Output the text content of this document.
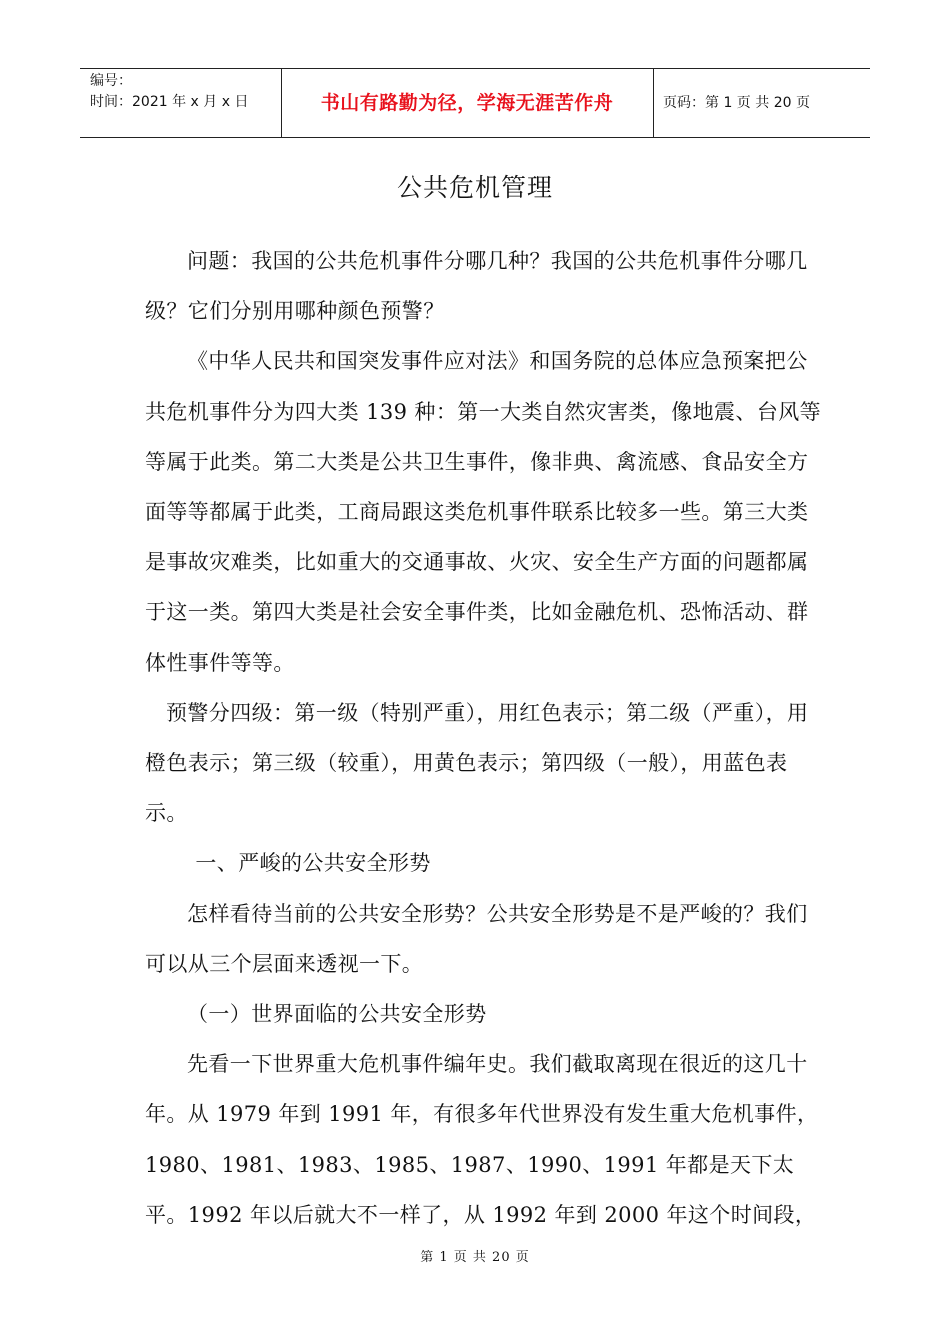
编号：
时间：2021 年 x 月 x 日	书山有路勤为径，学海无涯苦作舟	页码：第 1 页 共 20 页
公共危机管理

问题：我国的公共危机事件分哪几种？我国的公共危机事件分哪几级？它们分别用哪种颜色预警？

《中华人民共和国突发事件应对法》和国务院的总体应急预案把公共危机事件分为四大类 139 种：第一大类自然灾害类，像地震、台风等等属于此类。第二大类是公共卫生事件，像非典、禽流感、食品安全方面等等都属于此类，工商局跟这类危机事件联系比较多一些。第三大类是事故灾难类，比如重大的交通事故、火灾、安全生产方面的问题都属于这一类。第四大类是社会安全事件类，比如金融危机、恐怖活动、群体性事件等等。

预警分四级：第一级（特别严重），用红色表示；第二级（严重），用橙色表示；第三级（较重），用黄色表示；第四级（一般），用蓝色表示。

一、严峻的公共安全形势

怎样看待当前的公共安全形势？公共安全形势是不是严峻的？我们可以从三个层面来透视一下。

（一）世界面临的公共安全形势

先看一下世界重大危机事件编年史。我们截取离现在很近的这几十年。从 1979 年到 1991 年，有很多年代世界没有发生重大危机事件，1980、1981、1983、1985、1987、1990、1991 年都是天下太平。1992 年以后就大不一样了，从 1992 年到 2000 年这个时间段，

第 1 页 共 20 页
